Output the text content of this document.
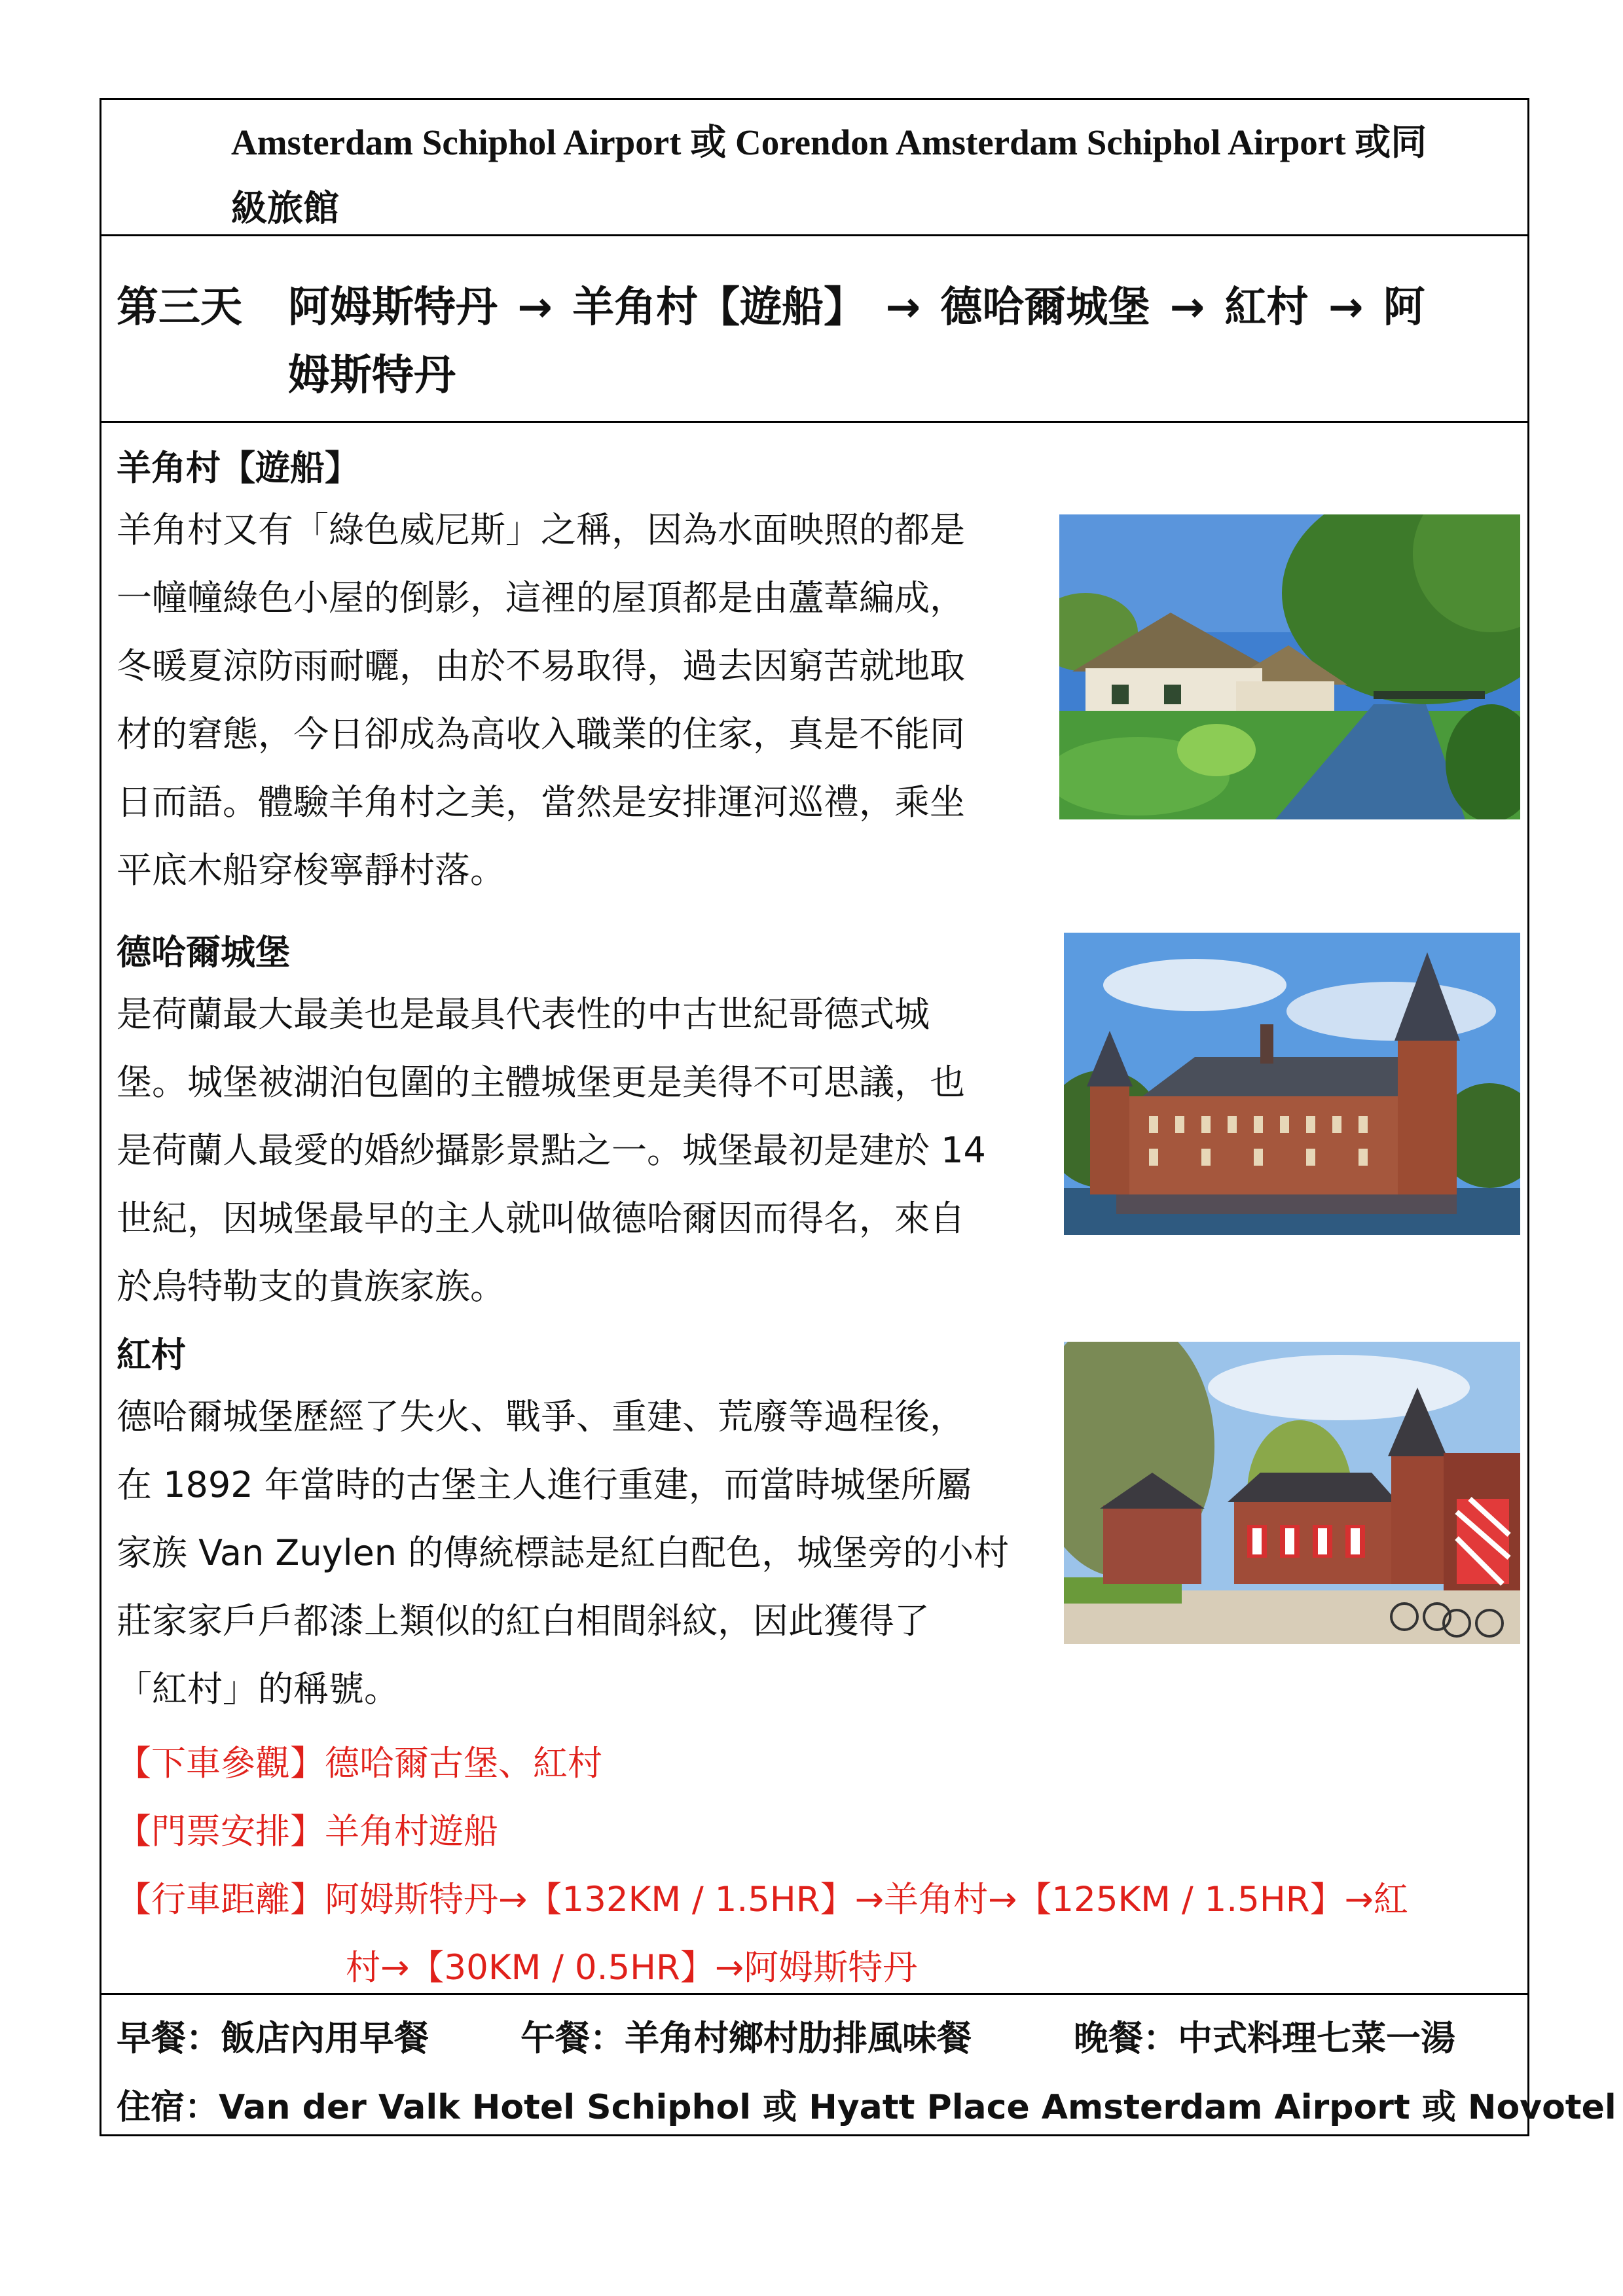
Amsterdam Schiphol Airport 或 Corendon Amsterdam Schiphol Airport 或同
級旅館
第三天 阿姆斯特丹 → 羊角村【遊船】 → 德哈爾城堡 → 紅村 → 阿
姆斯特丹
羊角村【遊船】
羊角村又有「綠色威尼斯」之稱，因為水面映照的都是
一幢幢綠色小屋的倒影，這裡的屋頂都是由蘆葦編成，
冬暖夏涼防雨耐曬，由於不易取得，過去因窮苦就地取
材的窘態，今日卻成為高收入職業的住家，真是不能同
日而語。體驗羊角村之美，當然是安排運河巡禮，乘坐
平底木船穿梭寧靜村落。
德哈爾城堡
是荷蘭最大最美也是最具代表性的中古世紀哥德式城
堡。城堡被湖泊包圍的主體城堡更是美得不可思議，也
是荷蘭人最愛的婚紗攝影景點之一。城堡最初是建於 14
世紀，因城堡最早的主人就叫做德哈爾因而得名，來自
於烏特勒支的貴族家族。
紅村
德哈爾城堡歷經了失火、戰爭、重建、荒廢等過程後，
在 1892 年當時的古堡主人進行重建，而當時城堡所屬
家族 Van Zuylen 的傳統標誌是紅白配色，城堡旁的小村
莊家家戶戶都漆上類似的紅白相間斜紋，因此獲得了
「紅村」的稱號。
【下車參觀】德哈爾古堡、紅村
【門票安排】羊角村遊船
【行車距離】阿姆斯特丹→【132KM / 1.5HR】→羊角村→【125KM / 1.5HR】→紅
村→【30KM / 0.5HR】→阿姆斯特丹
早餐：飯店內用早餐	午餐：羊角村鄉村肋排風味餐	晚餐：中式料理七菜一湯
住宿：Van der Valk Hotel Schiphol 或 Hyatt Place Amsterdam Airport 或 Novotel
